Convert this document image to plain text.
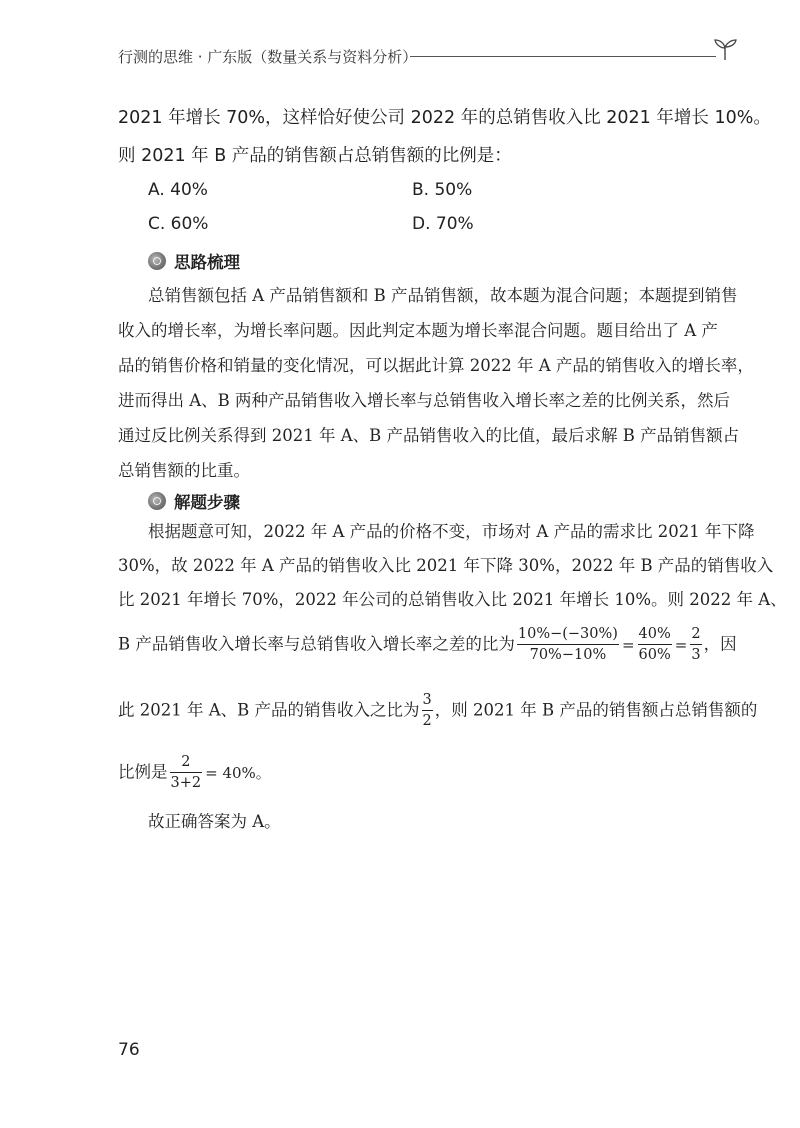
行测的思维 · 广东版（数量关系与资料分析）

2021 年增长 70%，这样恰好使公司 2022 年的总销售收入比 2021 年增长 10%。

则 2021 年 B 产品的销售额占总销售额的比例是：

A. 40%	B. 50%
C. 60%	D. 70%
思路梳理

总销售额包括 A 产品销售额和 B 产品销售额，故本题为混合问题；本题提到销售

收入的增长率，为增长率问题。因此判定本题为增长率混合问题。题目给出了 A 产

品的销售价格和销量的变化情况，可以据此计算 2022 年 A 产品的销售收入的增长率，

进而得出 A、B 两种产品销售收入增长率与总销售收入增长率之差的比例关系，然后

通过反比例关系得到 2021 年 A、B 产品销售收入的比值，最后求解 B 产品销售额占

总销售额的比重。

解题步骤

根据题意可知，2022 年 A 产品的价格不变，市场对 A 产品的需求比 2021 年下降

30%，故 2022 年 A 产品的销售收入比 2021 年下降 30%，2022 年 B 产品的销售收入

比 2021 年增长 70%，2022 年公司的总销售收入比 2021 年增长 10%。则 2022 年 A、

B 产品销售收入增长率与总销售收入增长率之差的比为 $\frac{10\%-(-30\%)}{70\%-10\%} = \frac{40\%}{60\%} = \frac{2}{3}$ ，因
此 2021 年 A、B 产品的销售收入之比为 $\frac{3}{2}$ ，则 2021 年 B 产品的销售额占总销售额的
比例是 $\frac{2}{3+2} = 40\%$。

故正确答案为 A。

76
